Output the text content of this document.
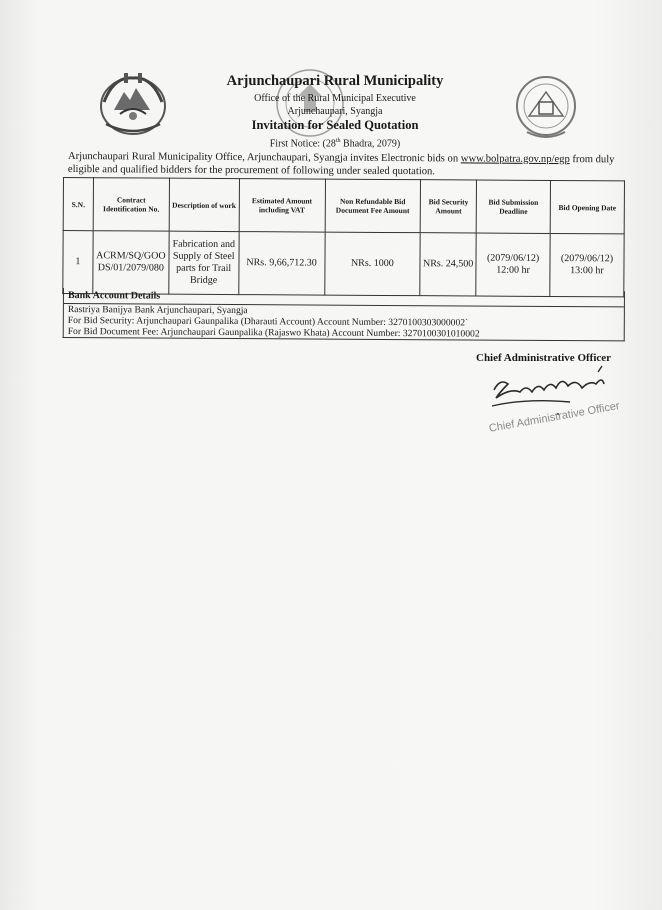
Arjunchaupari Rural Municipality
Office of the Rural Municipal Executive
Arjunchaupari, Syangja
Invitation for Sealed Quotation
First Notice: (28th Bhadra, 2079)
Arjunchaupari Rural Municipality Office, Arjunchaupari, Syangja invites Electronic bids on www.bolpatra.gov.np/egp from duly eligible and qualified bidders for the procurement of following under sealed quotation.
S.N.	Contract Identification No.	Description of work	Estimated Amount including VAT	Non Refundable Bid Document Fee Amount	Bid Security Amount	Bid Submission Deadline	Bid Opening Date
1	ACRM/SQ/GOODS/01/2079/080	Fabrication and Supply of Steel parts for Trail Bridge	NRs. 9,66,712.30	NRs. 1000	NRs. 24,500	(2079/06/12) 12:00 hr	(2079/06/12) 13:00 hr
Bank Account Details
Rastriya Banijya Bank Arjunchaupari, Syangja
For Bid Security: Arjunchaupari Gaunpalika (Dharauti Account) Account Number: 3270100303000002`
For Bid Document Fee: Arjunchaupari Gaunpalika (Rajaswo Khata) Account Number: 3270100301010002
Chief Administrative Officer
Chief Administrative Officer
